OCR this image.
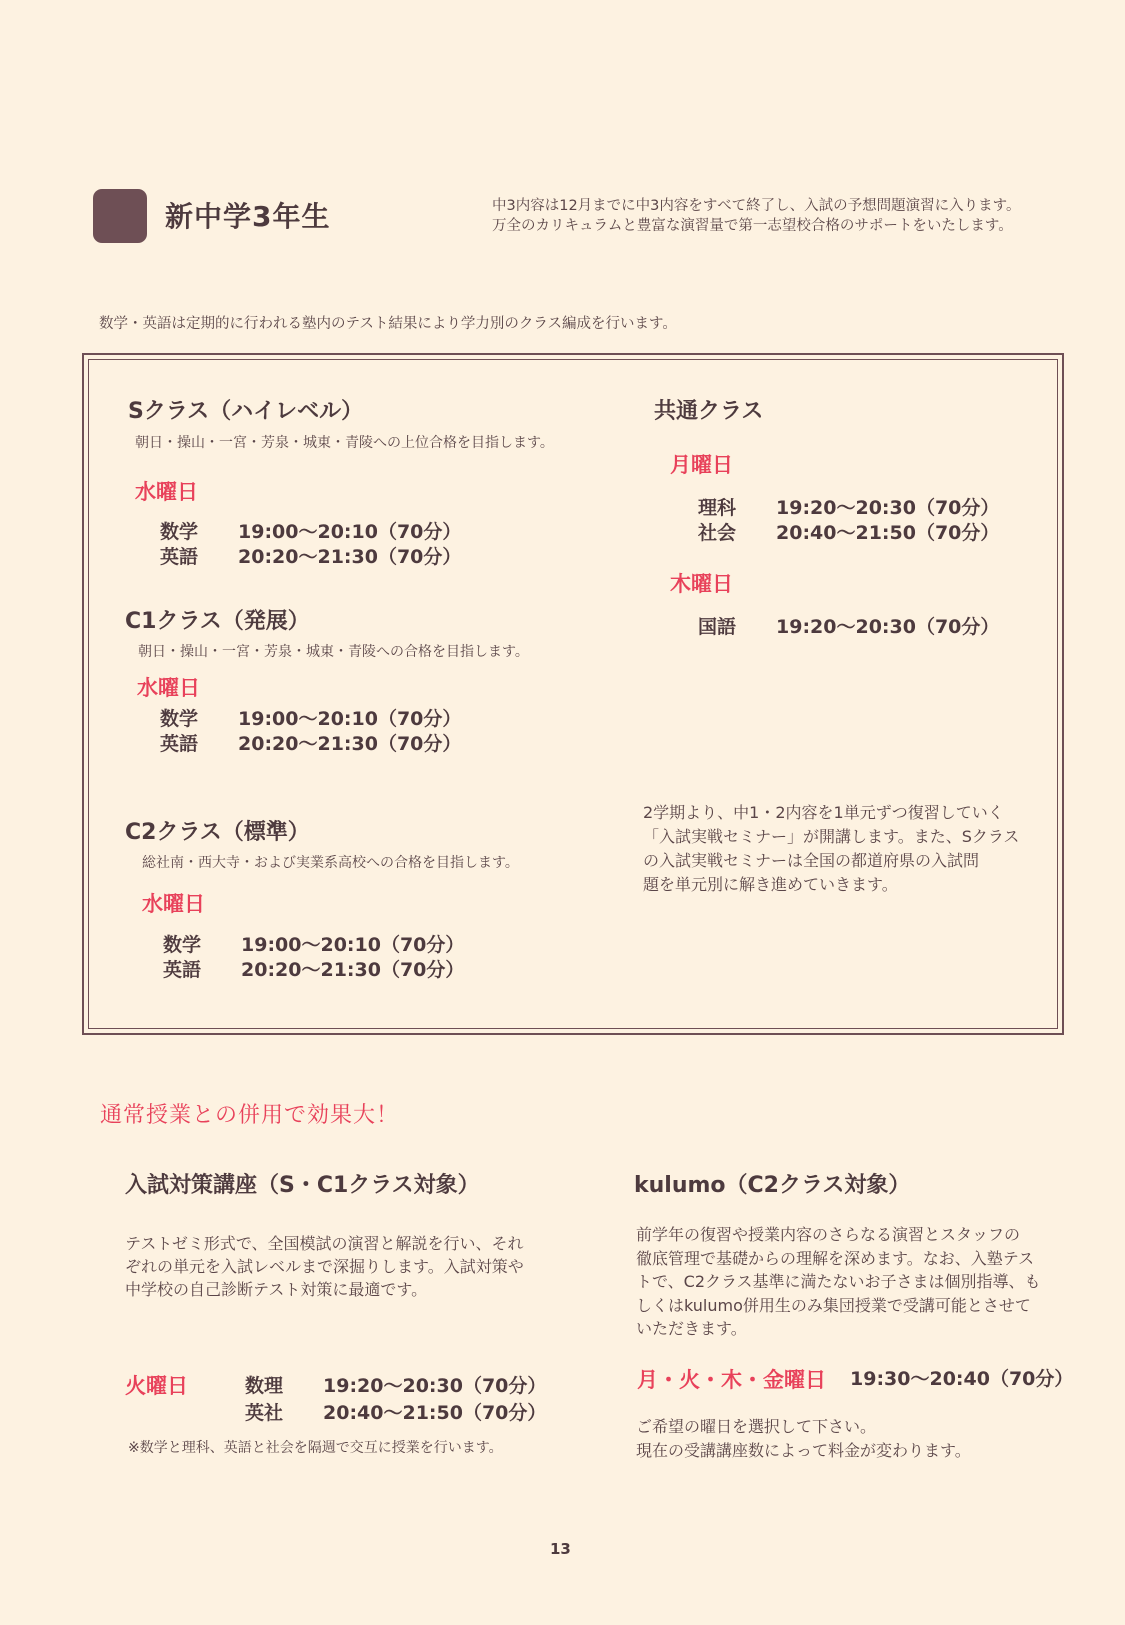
新中学3年生	中3内容は12月までに中3内容をすべて終了し、入試の予想問題演習に入ります。
万全のカリキュラムと豊富な演習量で第一志望校合格のサポートをいたします。
数学・英語は定期的に行われる塾内のテスト結果により学力別のクラス編成を行います。
Sクラス（ハイレベル）
朝日・操山・一宮・芳泉・城東・青陵への上位合格を目指します。
水曜日
数学	19:00〜20:10（70分）
英語	20:20〜21:30（70分）
C1クラス（発展）
朝日・操山・一宮・芳泉・城東・青陵への合格を目指します。
水曜日
数学	19:00〜20:10（70分）
英語	20:20〜21:30（70分）
C2クラス（標準）
総社南・西大寺・および実業系高校への合格を目指します。
水曜日
数学	19:00〜20:10（70分）
英語	20:20〜21:30（70分）
共通クラス
月曜日
理科	19:20〜20:30（70分）
社会	20:40〜21:50（70分）
木曜日
国語	19:20〜20:30（70分）
2学期より、中1・2内容を1単元ずつ復習していく
「入試実戦セミナー」が開講します。また、Sクラス
の入試実戦セミナーは全国の都道府県の入試問
題を単元別に解き進めていきます。
通常授業との併用で効果大！
入試対策講座（S・C1クラス対象）
テストゼミ形式で、全国模試の演習と解説を行い、それ
ぞれの単元を入試レベルまで深掘りします。入試対策や
中学校の自己診断テスト対策に最適です。
火曜日	数理	19:20〜20:30（70分）
英社	20:40〜21:50（70分）
※数学と理科、英語と社会を隔週で交互に授業を行います。
kulumo（C2クラス対象）
前学年の復習や授業内容のさらなる演習とスタッフの
徹底管理で基礎からの理解を深めます。なお、入塾テス
トで、C2クラス基準に満たないお子さまは個別指導、も
しくはkulumo併用生のみ集団授業で受講可能とさせて
いただきます。
月・火・木・金曜日 19:30〜20:40（70分）
ご希望の曜日を選択して下さい。
現在の受講講座数によって料金が変わります。
13
